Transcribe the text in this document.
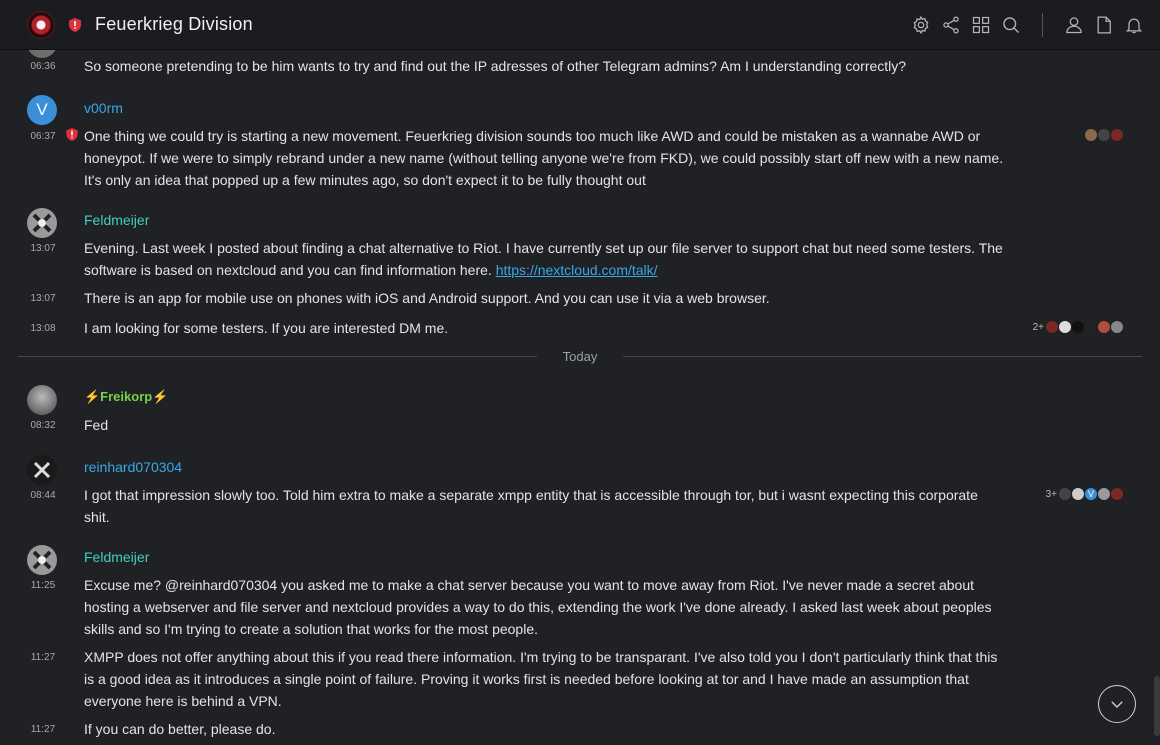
Feuerkrieg Division
06:36 So someone pretending to be him wants to try and find out the IP adresses of other Telegram admins? Am I understanding correctly?
V	v00rm
06:37 One thing we could try is starting a new movement. Feuerkrieg division sounds too much like AWD and could be mistaken as a wannabe AWD or honeypot. If we were to simply rebrand under a new name (without telling anyone we're from FKD), we could possibly start off new with a new name. It's only an idea that popped up a few minutes ago, so don't expect it to be fully thought out
Feldmeijer
13:07 Evening. Last week I posted about finding a chat alternative to Riot. I have currently set up our file server to support chat but need some testers. The software is based on nextcloud and you can find information here. https://nextcloud.com/talk/
13:07 There is an app for mobile use on phones with iOS and Android support. And you can use it via a web browser.
13:08 I am looking for some testers. If you are interested DM me.	2+
Today
⚡Freikorp⚡
08:32 Fed
reinhard070304
08:44 I got that impression slowly too. Told him extra to make a separate xmpp entity that is accessible through tor, but i wasnt expecting this corporate shit.
3+	V
Feldmeijer
11:25 Excuse me? @reinhard070304 you asked me to make a chat server because you want to move away from Riot. I've never made a secret about hosting a webserver and file server and nextcloud provides a way to do this, extending the work I've done already. I asked last week about peoples skills and so I'm trying to create a solution that works for the most people.
11:27 XMPP does not offer anything about this if you read there information. I'm trying to be transparant. I've also told you I don't particularly think that this is a good idea as it introduces a single point of failure. Proving it works first is needed before looking at tor and I have made an assumption that everyone here is behind a VPN.
11:27 If you can do better, please do.
